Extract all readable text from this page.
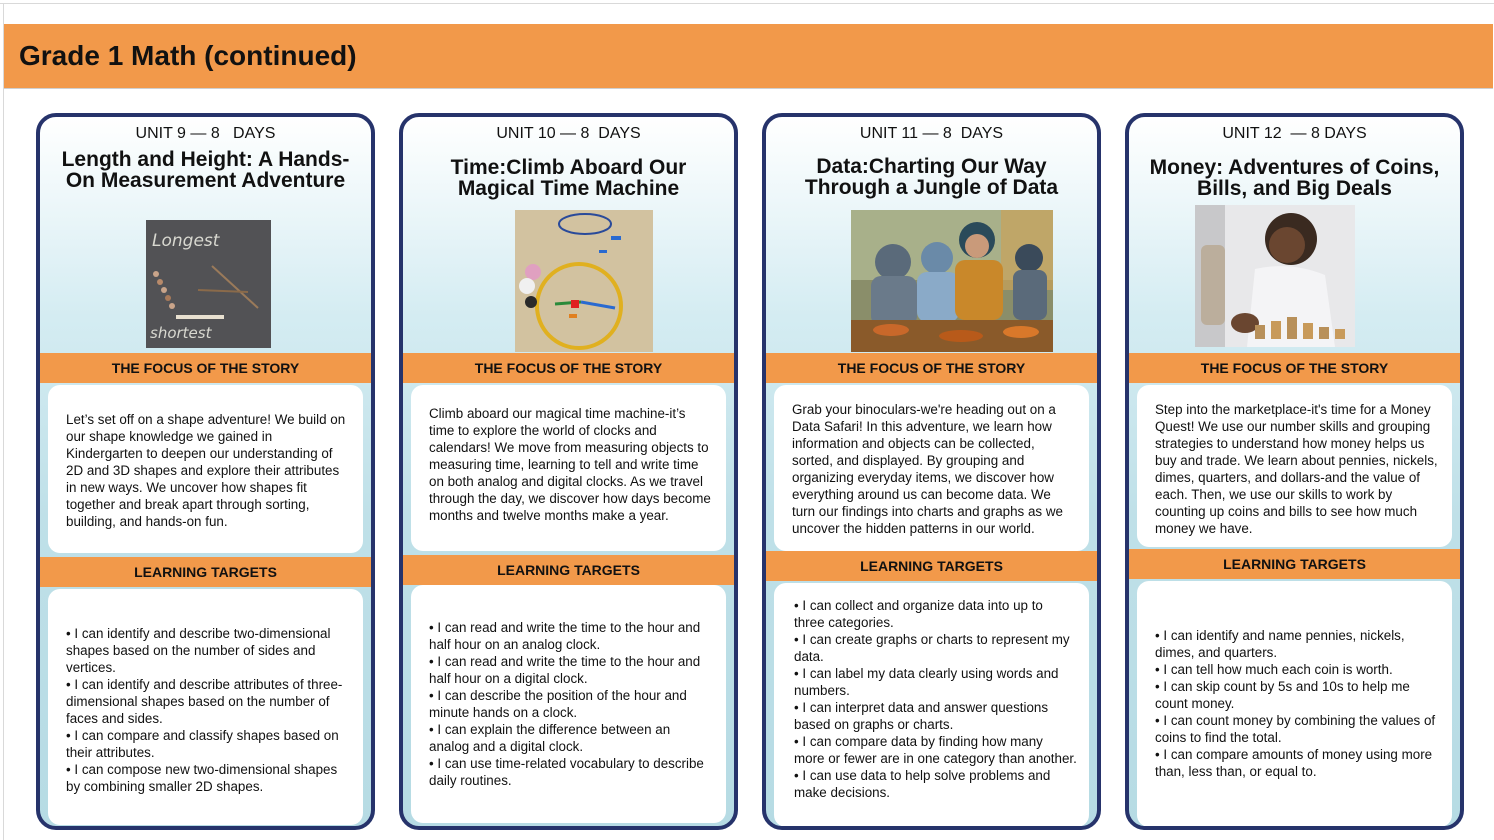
Grade 1 Math (continued)
UNIT 9 — 8   DAYS
Length and Height: A Hands-On Measurement Adventure
Longest
shortest
THE FOCUS OF THE STORY

Let’s set off on a shape adventure! We build on our shape knowledge we gained in Kindergarten to deepen our understanding of 2D and 3D shapes and explore their attributes in new ways. We uncover how shapes fit together and break apart through sorting, building, and hands-on fun.

LEARNING TARGETS
• I can identify and describe two-dimensional shapes based on the number of sides and vertices.
• I can identify and describe attributes of three-dimensional shapes based on the number of faces and sides.
• I can compare and classify shapes based on their attributes.
• I can compose new two-dimensional shapes by combining smaller 2D shapes.
UNIT 10 — 8  DAYS
Time:Climb Aboard Our Magical Time Machine
THE FOCUS OF THE STORY

Climb aboard our magical time machine-it’s time to explore the world of clocks and calendars! We move from measuring objects to measuring time, learning to tell and write time on both analog and digital clocks. As we travel through the day, we discover how days become months and twelve months make a year.

LEARNING TARGETS
• I can read and write the time to the hour and half hour on an analog clock.
• I can read and write the time to the hour and half hour on a digital clock.
• I can describe the position of the hour and minute hands on a clock.
• I can explain the difference between an analog and a digital clock.
• I can use time-related vocabulary to describe daily routines.
UNIT 11 — 8  DAYS
Data:Charting Our Way Through a Jungle of Data
THE FOCUS OF THE STORY

Grab your binoculars-we're heading out on a Data Safari! In this adventure, we learn how information and objects can be collected, sorted, and displayed. By grouping and organizing everyday items, we discover how everything around us can become data. We turn our findings into charts and graphs as we uncover the hidden patterns in our world.

LEARNING TARGETS
• I can collect and organize data into up to three categories.
• I can create graphs or charts to represent my data.
• I can label my data clearly using words and numbers.
• I can interpret data and answer questions based on graphs or charts.
• I can compare data by finding how many more or fewer are in one category than another.
• I can use data to help solve problems and make decisions.
UNIT 12  — 8 DAYS
Money: Adventures of Coins, Bills, and Big Deals
THE FOCUS OF THE STORY

Step into the marketplace-it's time for a Money Quest! We use our number skills and grouping strategies to understand how money helps us buy and trade. We learn about pennies, nickels, dimes, quarters, and dollars-and the value of each. Then, we use our skills to work by counting up coins and bills to see how much money we have.

LEARNING TARGETS
• I can identify and name pennies, nickels, dimes, and quarters.
• I can tell how much each coin is worth.
• I can skip count by 5s and 10s to help me count money.
• I can count money by combining the values of coins to find the total.
• I can compare amounts of money using more than, less than, or equal to.
